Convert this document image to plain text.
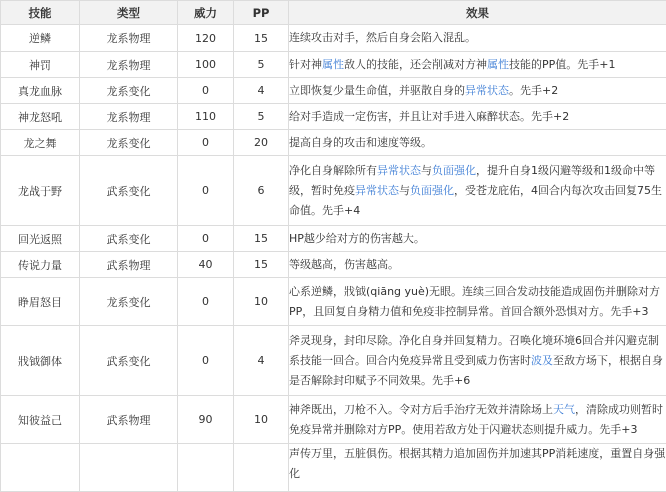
技能	类型	威力	PP	效果
逆鳞	龙系物理	120	15	连续攻击对手，然后自身会陷入混乱。
神罚	龙系物理	100	5	针对神属性敌人的技能，还会削减对方神属性技能的PP值。先手+1
真龙血脉	龙系变化	0	4	立即恢复少量生命值，并驱散自身的异常状态。先手+2
神龙怒吼	龙系物理	110	5	给对手造成一定伤害，并且让对手进入麻醉状态。先手+2
龙之舞	龙系变化	0	20	提高自身的攻击和速度等级。
龙战于野	武系变化	0	6	净化自身解除所有异常状态与负面强化，提升自身1级闪避等级和1级命中等级，暂时免疫异常状态与负面强化，受苍龙庇佑，4回合内每次攻击回复75生命值。先手+4
回光返照	武系变化	0	15	HP越少给对方的伤害越大。
传说力量	武系物理	40	15	等级越高，伤害越高。
睁眉怒目	龙系变化	0	10	心系逆鳞，戕钺(qiāng yuè)无眼。连续三回合发动技能造成固伤并删除对方PP，且回复自身精力值和免疫非控制异常。首回合额外恐惧对方。先手+3
戕钺御体	武系变化	0	4	斧灵现身，封印尽除。净化自身并回复精力。召唤化境环境6回合并闪避克制系技能一回合。回合内免疫异常且受到威力伤害时波及至敌方场下，根据自身是否解除封印赋予不同效果。先手+6
知彼益己	武系物理	90	10	神斧既出，刀枪不入。令对方后手治疗无效并清除场上天气，清除成功则暂时免疫异常并删除对方PP。使用若敌方处于闪避状态则提升威力。先手+3
				声传万里，五脏俱伤。根据其精力追加固伤并加速其PP消耗速度，重置自身强化
